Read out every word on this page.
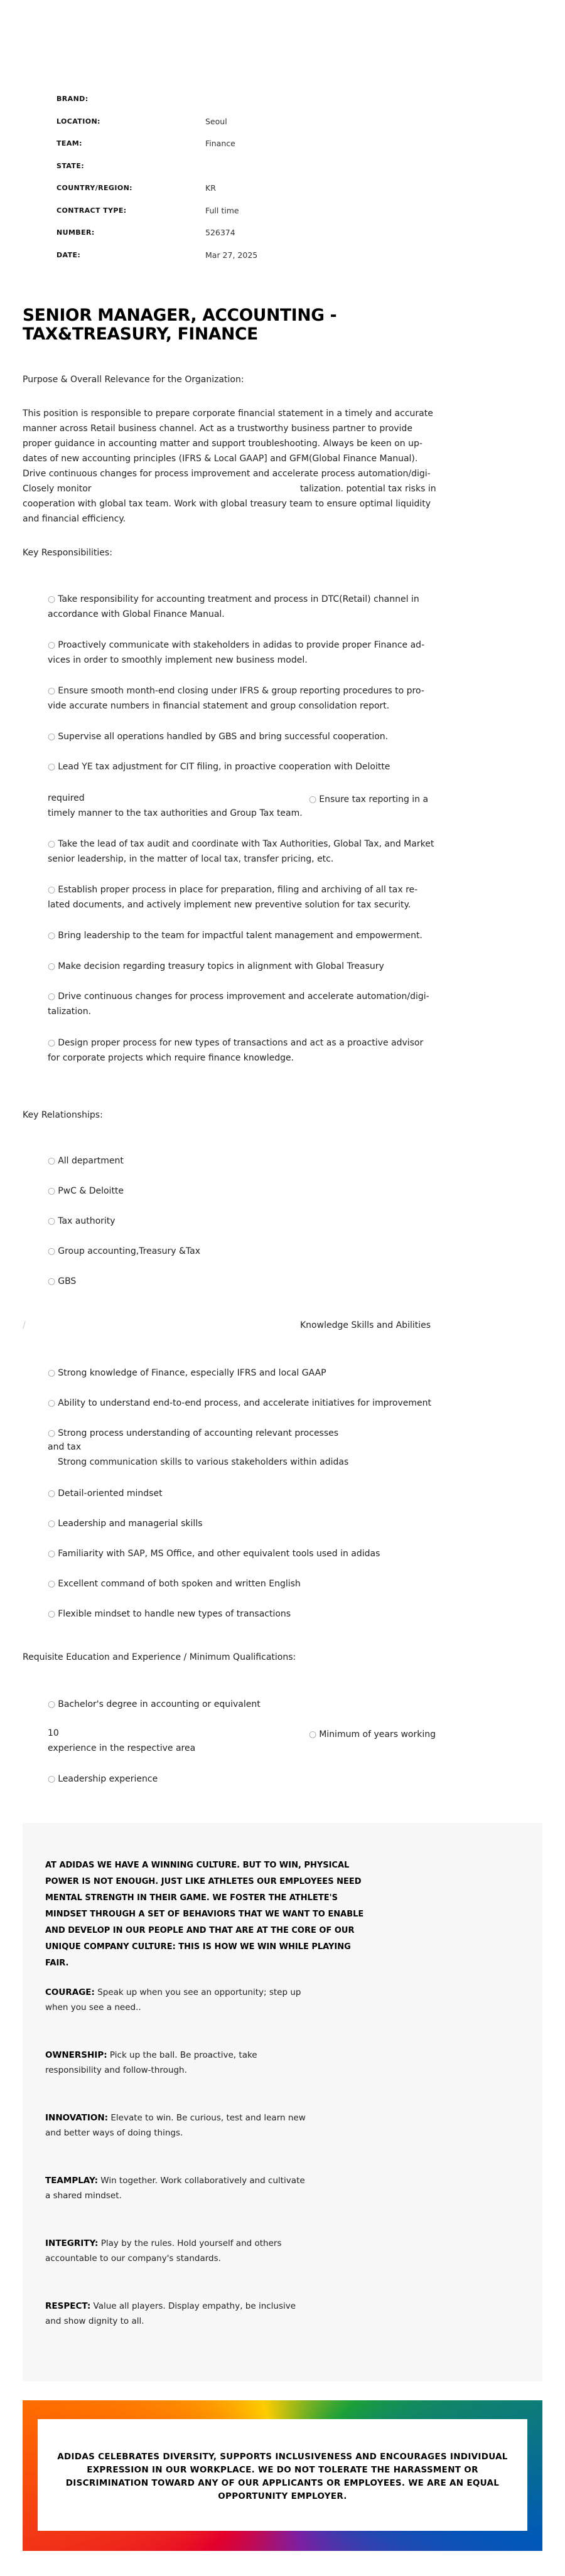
BRAND:
LOCATION:	Seoul
TEAM:	Finance
STATE:
COUNTRY/REGION:	KR
CONTRACT TYPE:	Full time
NUMBER:	526374
DATE:	Mar 27, 2025
SENIOR MANAGER, ACCOUNTING - TAX&TREASURY, FINANCE

Purpose & Overall Relevance for the Organization:

This position is responsible to prepare corporate financial statement in a timely and accurate

manner across Retail business channel. Act as a trustworthy business partner to provide

proper guidance in accounting matter and support troubleshooting. Always be keen on up-

dates of new accounting principles (IFRS & Local GAAP] and GFM(Global Finance Manual).

Drive continuous changes for process improvement and accelerate process automation/digi-

Closely monitor	talization. potential tax risks in

cooperation with global tax team. Work with global treasury team to ensure optimal liquidity

and financial efficiency.

Key Responsibilities:

○ Take responsibility for accounting treatment and process in DTC(Retail) channel in

accordance with Global Finance Manual.

○ Proactively communicate with stakeholders in adidas to provide proper Finance ad-

vices in order to smoothly implement new business model.

○ Ensure smooth month-end closing under IFRS & group reporting procedures to pro-

vide accurate numbers in financial statement and group consolidation report.

○ Supervise all operations handled by GBS and bring successful cooperation.

○ Lead YE tax adjustment for CIT filing, in proactive cooperation with Deloitte

required	○ Ensure tax reporting in a

timely manner to the tax authorities and Group Tax team.

○ Take the lead of tax audit and coordinate with Tax Authorities, Global Tax, and Market

senior leadership, in the matter of local tax, transfer pricing, etc.

○ Establish proper process in place for preparation, filing and archiving of all tax re-

lated documents, and actively implement new preventive solution for tax security.

○ Bring leadership to the team for impactful talent management and empowerment.

○ Make decision regarding treasury topics in alignment with Global Treasury

○ Drive continuous changes for process improvement and accelerate automation/digi-

talization.

○ Design proper process for new types of transactions and act as a proactive advisor

for corporate projects which require finance knowledge.

Key Relationships:

○ All department

○ PwC & Deloitte

○ Tax authority

○ Group accounting,Treasury &Tax

○ GBS

/	Knowledge Skills and Abilities

○ Strong knowledge of Finance, especially IFRS and local GAAP

○ Ability to understand end-to-end process, and accelerate initiatives for improvement

○ Strong process understanding of accounting relevant processes

and tax

Strong communication skills to various stakeholders within adidas

○ Detail-oriented mindset

○ Leadership and managerial skills

○ Familiarity with SAP, MS Office, and other equivalent tools used in adidas

○ Excellent command of both spoken and written English

○ Flexible mindset to handle new types of transactions

Requisite Education and Experience / Minimum Qualifications:

○ Bachelor's degree in accounting or equivalent

10	○ Minimum of years working

experience in the respective area

○ Leadership experience

AT ADIDAS WE HAVE A WINNING CULTURE. BUT TO WIN, PHYSICAL POWER IS NOT ENOUGH. JUST LIKE ATHLETES OUR EMPLOYEES NEED MENTAL STRENGTH IN THEIR GAME. WE FOSTER THE ATHLETE'S MINDSET THROUGH A SET OF BEHAVIORS THAT WE WANT TO ENABLE AND DEVELOP IN OUR PEOPLE AND THAT ARE AT THE CORE OF OUR UNIQUE COMPANY CULTURE: THIS IS HOW WE WIN WHILE PLAYING FAIR.

COURAGE: Speak up when you see an opportunity; step up when you see a need..

OWNERSHIP: Pick up the ball. Be proactive, take responsibility and follow-through.

INNOVATION: Elevate to win. Be curious, test and learn new and better ways of doing things.

TEAMPLAY: Win together. Work collaboratively and cultivate a shared mindset.

INTEGRITY: Play by the rules. Hold yourself and others accountable to our company's standards.

RESPECT: Value all players. Display empathy, be inclusive and show dignity to all.

ADIDAS CELEBRATES DIVERSITY, SUPPORTS INCLUSIVENESS AND ENCOURAGES INDIVIDUAL EXPRESSION IN OUR WORKPLACE. WE DO NOT TOLERATE THE HARASSMENT OR DISCRIMINATION TOWARD ANY OF OUR APPLICANTS OR EMPLOYEES. WE ARE AN EQUAL OPPORTUNITY EMPLOYER.
